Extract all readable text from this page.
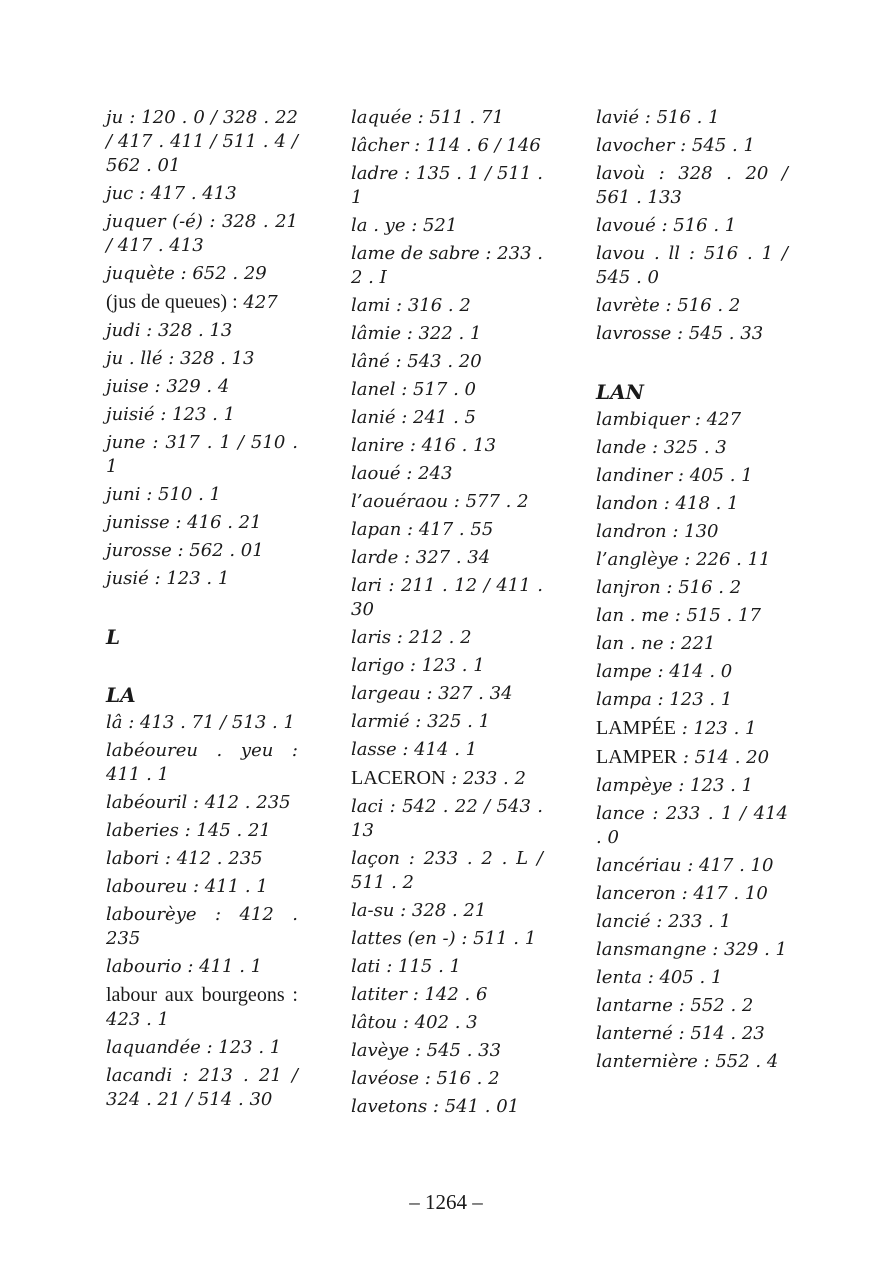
ju : 120 . 0 / 328 . 22 / 417 . 411 / 511 . 4 / 562 . 01
juc : 417 . 413
juquer (-é) : 328 . 21 / 417 . 413
juquète : 652 . 29
(jus de queues) : 427
judi : 328 . 13
ju . llé : 328 . 13
juise : 329 . 4
juisié : 123 . 1
june : 317 . 1 / 510 . 1
juni : 510 . 1
junisse : 416 . 21
jurosse : 562 . 01
jusié : 123 . 1
L
LA
lâ : 413 . 71 / 513 . 1
labéoureu . yeu : 411 . 1
labéouril : 412 . 235
laberies : 145 . 21
labori : 412 . 235
laboureu : 411 . 1
labourèye : 412 . 235
labourio : 411 . 1
labour aux bourgeons : 423 . 1
laquandée : 123 . 1
lacandi : 213 . 21 / 324 . 21 / 514 . 30
laquée : 511 . 71
lâcher : 114 . 6 / 146
ladre : 135 . 1 / 511 . 1
la . ye : 521
lame de sabre : 233 . 2 . I
lami : 316 . 2
lâmie : 322 . 1
lâné : 543 . 20
lanel : 517 . 0
lanié : 241 . 5
lanire : 416 . 13
laoué : 243
l’aouéraou : 577 . 2
lapan : 417 . 55
larde : 327 . 34
lari : 211 . 12 / 411 . 30
laris : 212 . 2
larigo : 123 . 1
largeau : 327 . 34
larmié : 325 . 1
lasse : 414 . 1
LACERON : 233 . 2
laci : 542 . 22 / 543 . 13
laçon : 233 . 2 . L / 511 . 2
la-su : 328 . 21
lattes (en -) : 511 . 1
lati : 115 . 1
latiter : 142 . 6
lâtou : 402 . 3
lavèye : 545 . 33
lavéose : 516 . 2
lavetons : 541 . 01
lavié : 516 . 1
lavocher : 545 . 1
lavoù : 328 . 20 / 561 . 133
lavoué : 516 . 1
lavou . ll : 516 . 1 / 545 . 0
lavrète : 516 . 2
lavrosse : 545 . 33
LAN
lambiquer : 427
lande : 325 . 3
landiner : 405 . 1
landon : 418 . 1
landron : 130
l’anglèye : 226 . 11
lanjron : 516 . 2
lan . me : 515 . 17
lan . ne : 221
lampe : 414 . 0
lampa : 123 . 1
LAMPÉE : 123 . 1
LAMPER : 514 . 20
lampèye : 123 . 1
lance : 233 . 1 / 414 . 0
lancériau : 417 . 10
lanceron : 417 . 10
lancié : 233 . 1
lansmangne : 329 . 1
lenta : 405 . 1
lantarne : 552 . 2
lanterné : 514 . 23
lanternière : 552 . 4
– 1264 –
